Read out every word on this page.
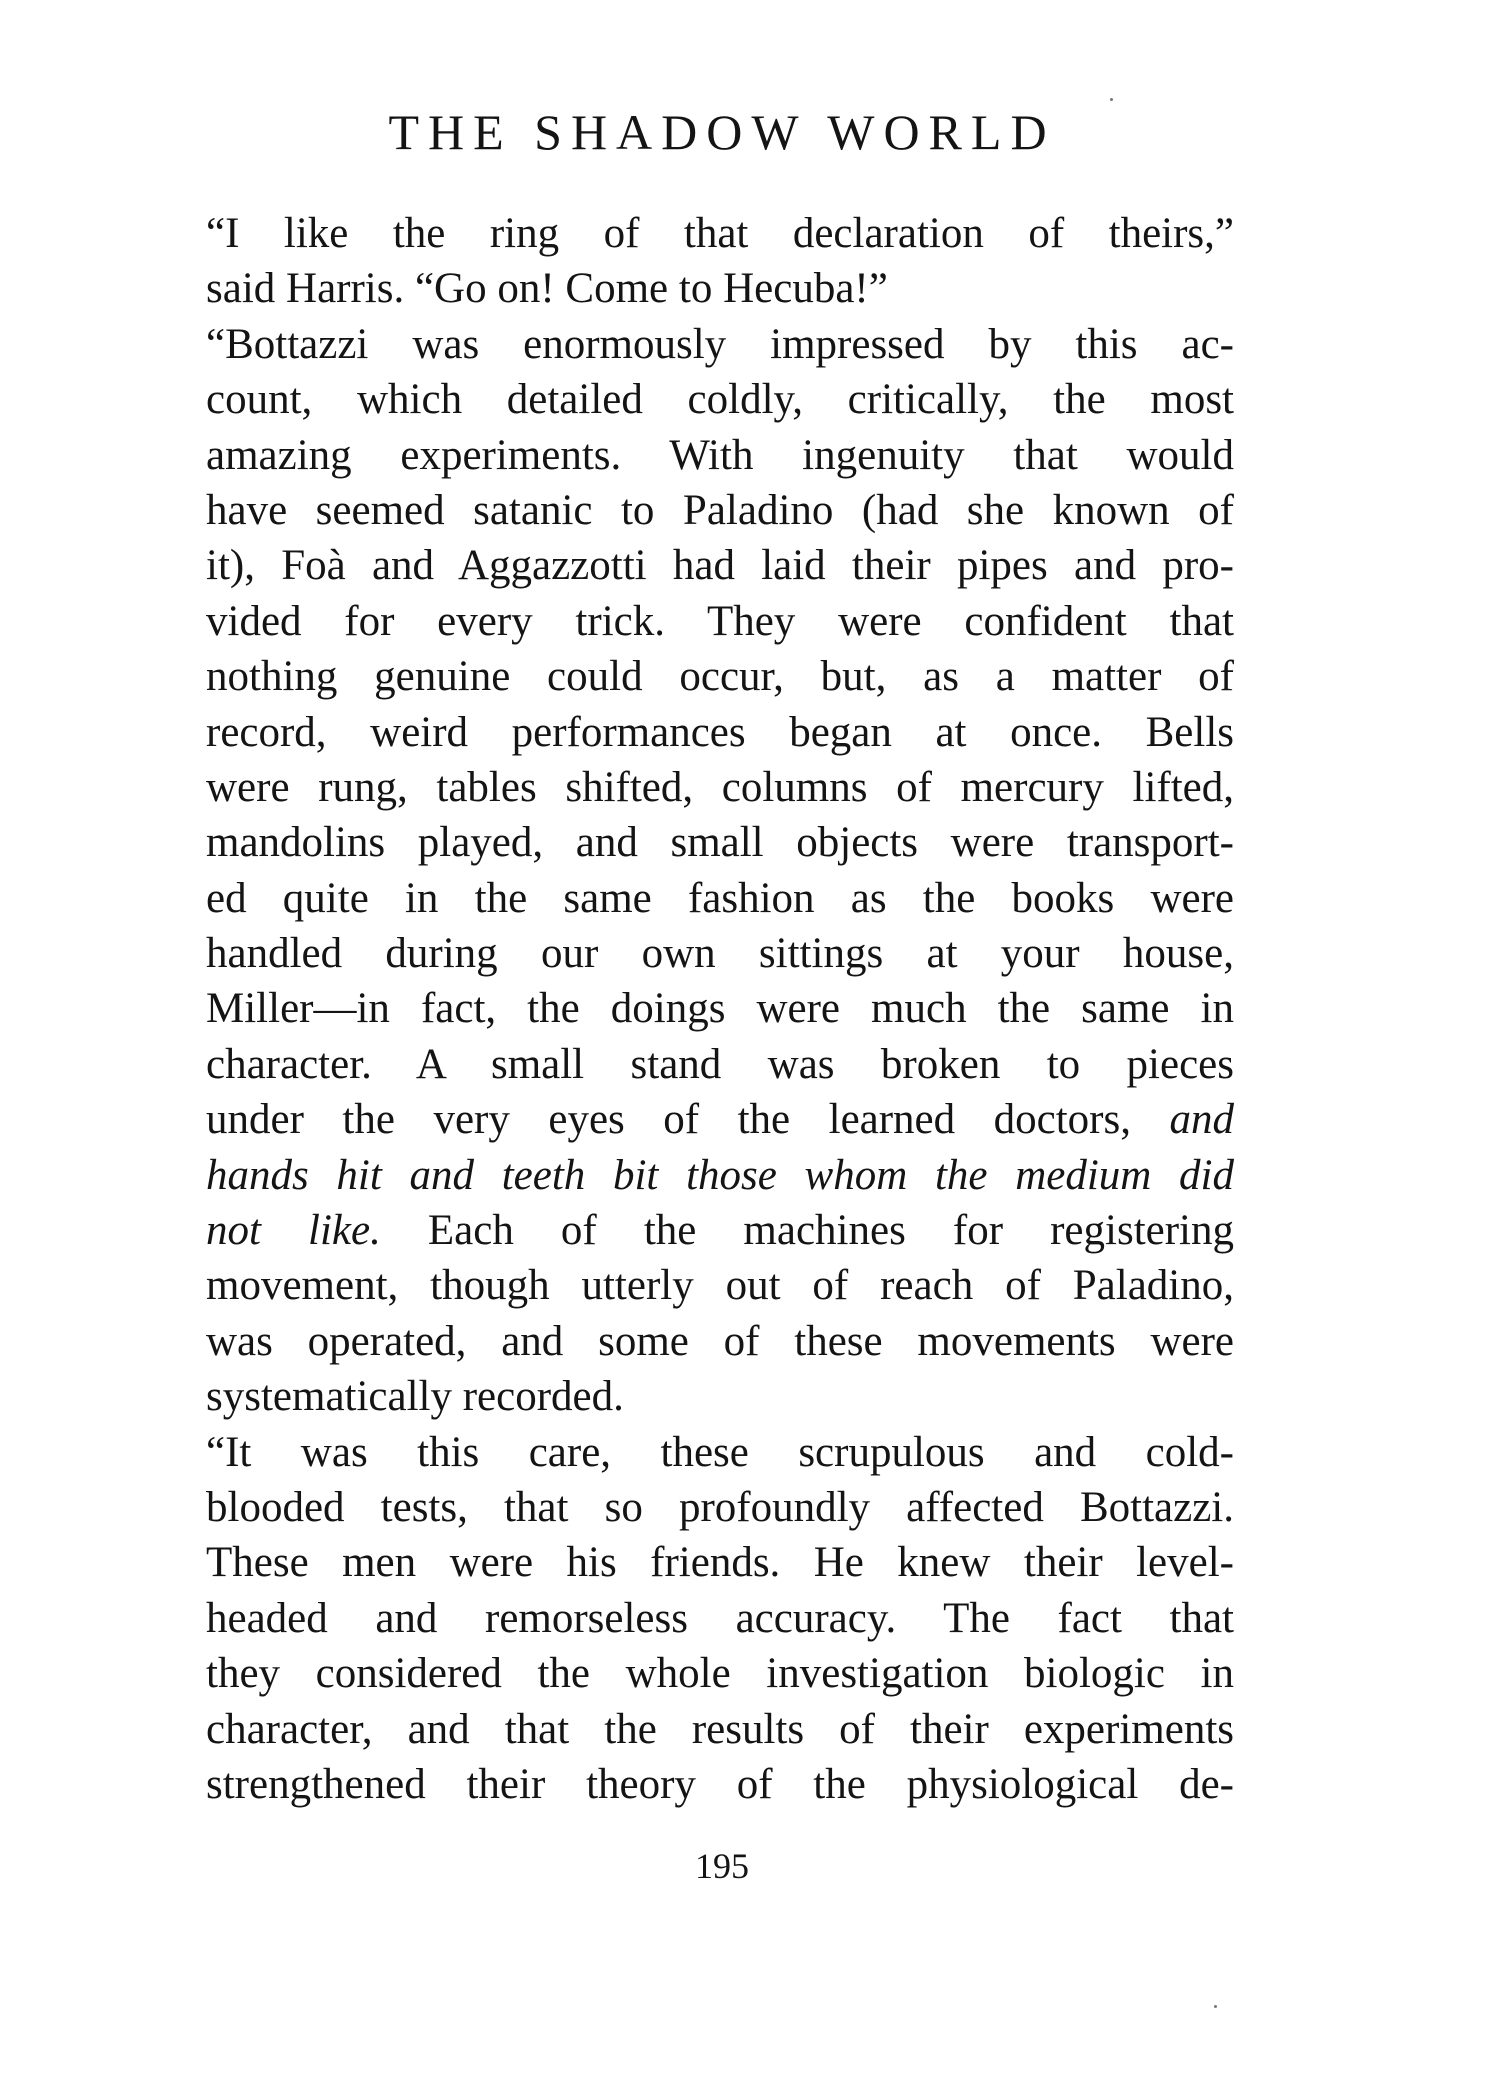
THE SHADOW WORLD
“I like the ring of that declaration of theirs,”
said Harris. “Go on! Come to Hecuba!”
“Bottazzi was enormously impressed by this ac-
count, which detailed coldly, critically, the most
amazing experiments. With ingenuity that would
have seemed satanic to Paladino (had she known of
it), Foà and Aggazzotti had laid their pipes and pro-
vided for every trick. They were confident that
nothing genuine could occur, but, as a matter of
record, weird performances began at once. Bells
were rung, tables shifted, columns of mercury lifted,
mandolins played, and small objects were transport-
ed quite in the same fashion as the books were
handled during our own sittings at your house,
Miller—in fact, the doings were much the same in
character. A small stand was broken to pieces
under the very eyes of the learned doctors, and
hands hit and teeth bit those whom the medium did
not like. Each of the machines for registering
movement, though utterly out of reach of Paladino,
was operated, and some of these movements were
systematically recorded.
“It was this care, these scrupulous and cold-
blooded tests, that so profoundly affected Bottazzi.
These men were his friends. He knew their level-
headed and remorseless accuracy. The fact that
they considered the whole investigation biologic in
character, and that the results of their experiments
strengthened their theory of the physiological de-
195
